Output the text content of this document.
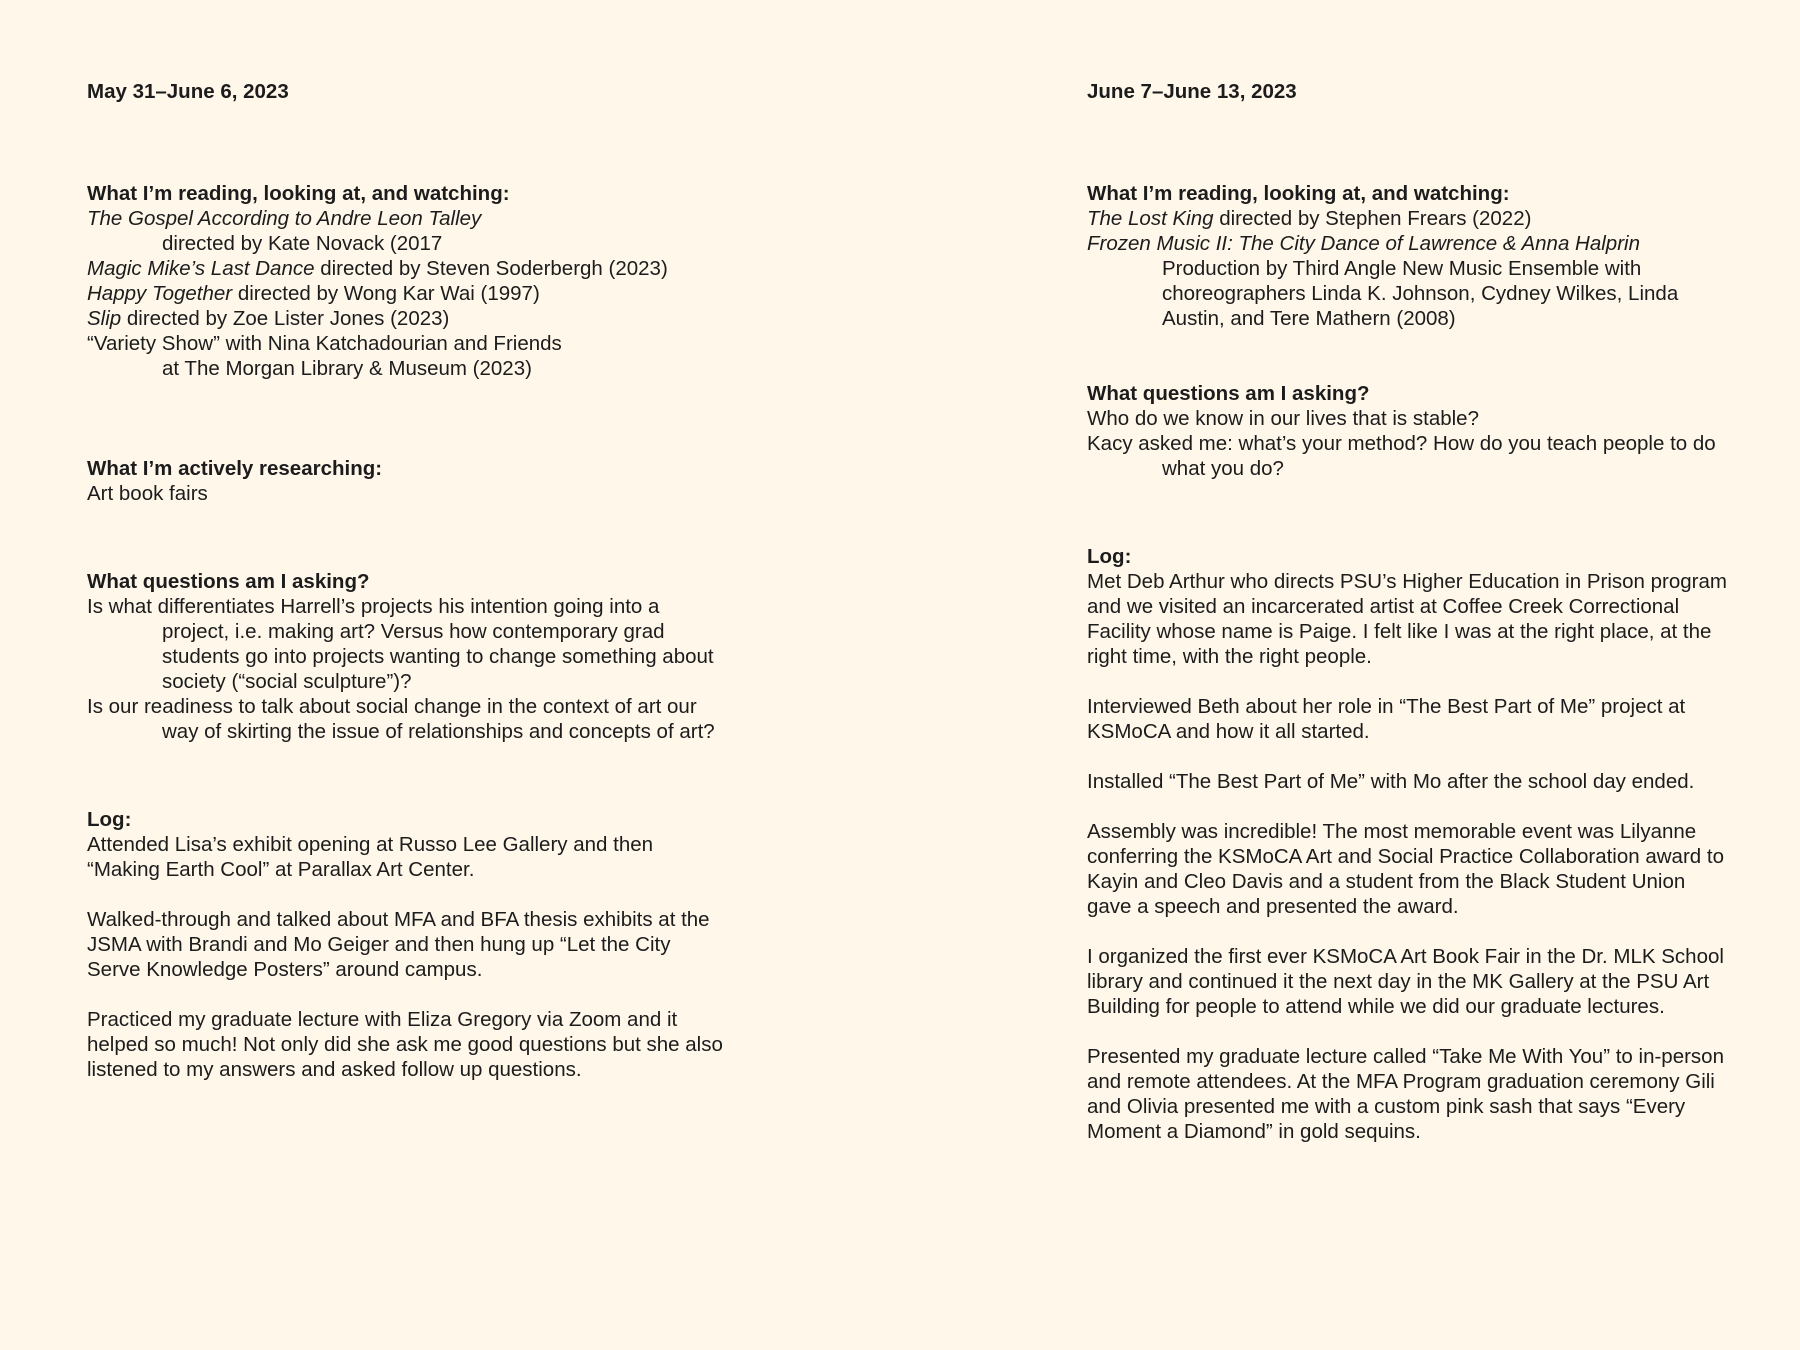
May 31–June 6, 2023

What I’m reading, looking at, and watching:

The Gospel According to Andre Leon Talley

directed by Kate Novack (2017

Magic Mike’s Last Dance directed by Steven Soderbergh (2023)

Happy Together directed by Wong Kar Wai (1997)

Slip directed by Zoe Lister Jones (2023)

“Variety Show” with Nina Katchadourian and Friends

at The Morgan Library & Museum (2023)

What I’m actively researching:

Art book fairs

What questions am I asking?

Is what differentiates Harrell’s projects his intention going into a project, i.e. making art? Versus how contemporary grad students go into projects wanting to change something about society (“social sculpture”)?

Is our readiness to talk about social change in the context of art our way of skirting the issue of relationships and concepts of art?

Log:

Attended Lisa’s exhibit opening at Russo Lee Gallery and then “Making Earth Cool” at Parallax Art Center.

Walked-through and talked about MFA and BFA thesis exhibits at the JSMA with Brandi and Mo Geiger and then hung up “Let the City Serve Knowledge Posters” around campus.

Practiced my graduate lecture with Eliza Gregory via Zoom and it helped so much! Not only did she ask me good questions but she also listened to my answers and asked follow up questions.

June 7–June 13, 2023

What I’m reading, looking at, and watching:

The Lost King directed by Stephen Frears (2022)

Frozen Music II: The City Dance of Lawrence & Anna Halprin

Production by Third Angle New Music Ensemble with choreographers Linda K. Johnson, Cydney Wilkes, Linda Austin, and Tere Mathern (2008)

What questions am I asking?

Who do we know in our lives that is stable?

Kacy asked me: what’s your method? How do you teach people to do what you do?

Log:

Met Deb Arthur who directs PSU’s Higher Education in Prison program and we visited an incarcerated artist at Coffee Creek Correctional Facility whose name is Paige. I felt like I was at the right place, at the right time, with the right people.

Interviewed Beth about her role in “The Best Part of Me” project at KSMoCA and how it all started.

Installed “The Best Part of Me” with Mo after the school day ended.

Assembly was incredible! The most memorable event was Lilyanne conferring the KSMoCA Art and Social Practice Collaboration award to Kayin and Cleo Davis and a student from the Black Student Union gave a speech and presented the award.

I organized the first ever KSMoCA Art Book Fair in the Dr. MLK School library and continued it the next day in the MK Gallery at the PSU Art Building for people to attend while we did our graduate lectures.

Presented my graduate lecture called “Take Me With You” to in-person and remote attendees. At the MFA Program graduation ceremony Gili and Olivia presented me with a custom pink sash that says “Every Moment a Diamond” in gold sequins.
